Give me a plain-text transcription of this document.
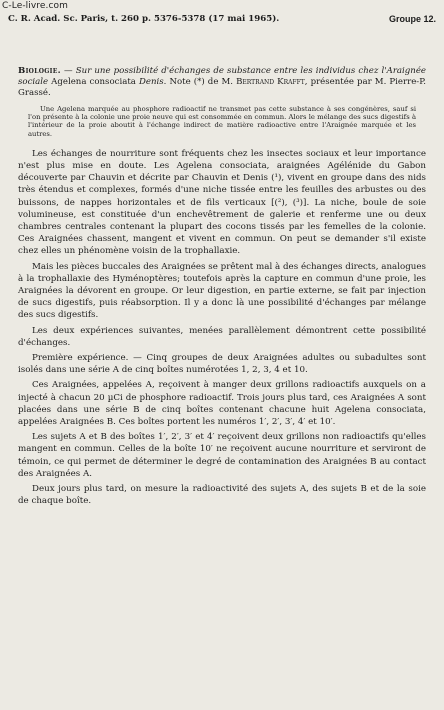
C-Le-livre.com
C. R. Acad. Sc. Paris, t. 260 p. 5376-5378 (17 mai 1965).	Groupe 12.

Biologie. — Sur une possibilité d'échanges de substance entre les individus chez l'Araignée sociale Agelena consociata Denis. Note (*) de M. Bertrand Krafft, présentée par M. Pierre-P. Grassé.

Une Agelena marquée au phosphore radioactif ne transmet pas cette substance à ses congénères, sauf si l'on présente à la colonie une proie neuve qui est consommée en commun. Alors le mélange des sucs digestifs à l'intérieur de la proie aboutit à l'échange indirect de matière radioactive entre l'Araignée marquée et les autres.

Les échanges de nourriture sont fréquents chez les insectes sociaux et leur importance n'est plus mise en doute. Les Agelena consociata, araignées Agélénide du Gabon découverte par Chauvin et décrite par Chauvin et Denis (¹), vivent en groupe dans des nids très étendus et complexes, formés d'une niche tissée entre les feuilles des arbustes ou des buissons, de nappes horizontales et de fils verticaux [(²), (³)]. La niche, boule de soie volumineuse, est constituée d'un enchevêtrement de galerie et renferme une ou deux chambres centrales contenant la plupart des cocons tissés par les femelles de la colonie. Ces Araignées chassent, mangent et vivent en commun. On peut se demander s'il existe chez elles un phénomène voisin de la trophallaxie.

Mais les pièces buccales des Araignées se prêtent mal à des échanges directs, analogues à la trophallaxie des Hyménoptères; toutefois après la capture en commun d'une proie, les Araignées la dévorent en groupe. Or leur digestion, en partie externe, se fait par injection de sucs digestifs, puis réabsorption. Il y a donc là une possibilité d'échanges par mélange des sucs digestifs.

Les deux expériences suivantes, menées parallèlement démontrent cette possibilité d'échanges.

Première expérience. — Cinq groupes de deux Araignées adultes ou subadultes sont isolés dans une série A de cinq boîtes numérotées 1, 2, 3, 4 et 10.

Ces Araignées, appelées A, reçoivent à manger deux grillons radioactifs auxquels on a injecté à chacun 20 µCi de phosphore radioactif. Trois jours plus tard, ces Araignées A sont placées dans une série B de cinq boîtes contenant chacune huit Agelena consociata, appelées Araignées B. Ces boîtes portent les numéros 1′, 2′, 3′, 4′ et 10′.

Les sujets A et B des boîtes 1′, 2′, 3′ et 4′ reçoivent deux grillons non radioactifs qu'elles mangent en commun. Celles de la boîte 10′ ne reçoivent aucune nourriture et serviront de témoin, ce qui permet de déterminer le degré de contamination des Araignées B au contact des Araignées A.

Deux jours plus tard, on mesure la radioactivité des sujets A, des sujets B et de la soie de chaque boîte.
